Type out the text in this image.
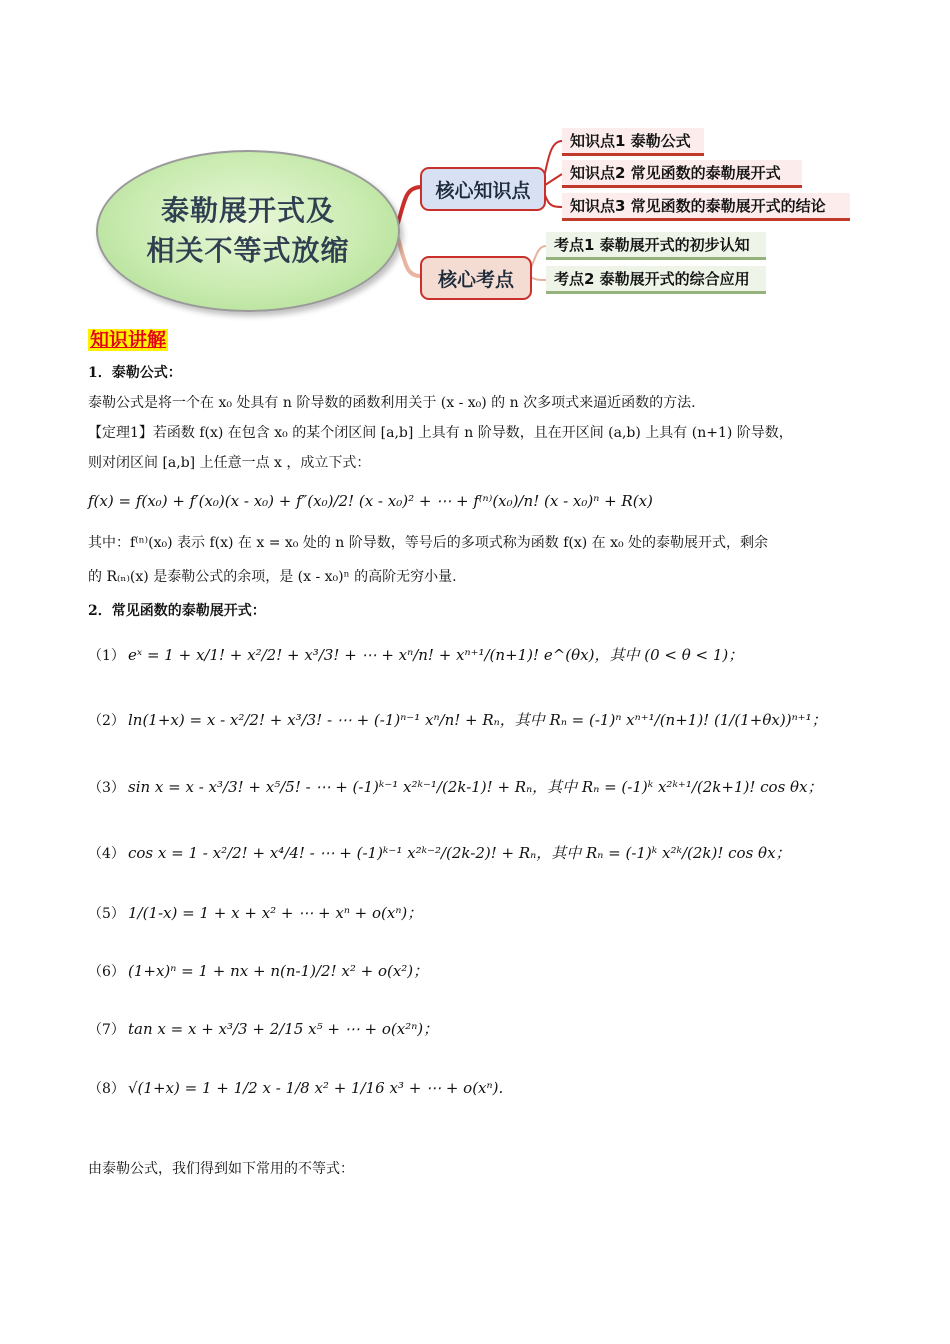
泰勒展开式及
相关不等式放缩
核心知识点
核心考点
知识点1 泰勒公式
知识点2 常见函数的泰勒展开式
知识点3 常见函数的泰勒展开式的结论
考点1 泰勒展开式的初步认知
考点2 泰勒展开式的综合应用
知识讲解
1．泰勒公式：
泰勒公式是将一个在 x₀ 处具有 n 阶导数的函数利用关于 (x - x₀) 的 n 次多项式来逼近函数的方法.
【定理1】若函数 f(x) 在包含 x₀ 的某个闭区间 [a,b] 上具有 n 阶导数，且在开区间 (a,b) 上具有 (n+1) 阶导数，
则对闭区间 [a,b] 上任意一点 x ，成立下式：
f(x) = f(x₀) + f′(x₀)(x - x₀) + f″(x₀)/2! (x - x₀)² + ⋯ + f⁽ⁿ⁾(x₀)/n! (x - x₀)ⁿ + R(x)
其中：f⁽ⁿ⁾(x₀) 表示 f(x) 在 x = x₀ 处的 n 阶导数，等号后的多项式称为函数 f(x) 在 x₀ 处的泰勒展开式，剩余
的 R₍ₙ₎(x) 是泰勒公式的余项，是 (x - x₀)ⁿ 的高阶无穷小量.
2．常见函数的泰勒展开式：
（1） eˣ = 1 + x/1! + x²/2! + x³/3! + ⋯ + xⁿ/n! + xⁿ⁺¹/(n+1)! e^(θx)，其中 (0 < θ < 1)；
（2） ln(1+x) = x - x²/2! + x³/3! - ⋯ + (-1)ⁿ⁻¹ xⁿ/n! + Rₙ，其中 Rₙ = (-1)ⁿ xⁿ⁺¹/(n+1)! (1/(1+θx))ⁿ⁺¹；
（3） sin x = x - x³/3! + x⁵/5! - ⋯ + (-1)ᵏ⁻¹ x²ᵏ⁻¹/(2k-1)! + Rₙ，其中 Rₙ = (-1)ᵏ x²ᵏ⁺¹/(2k+1)! cos θx；
（4） cos x = 1 - x²/2! + x⁴/4! - ⋯ + (-1)ᵏ⁻¹ x²ᵏ⁻²/(2k-2)! + Rₙ，其中 Rₙ = (-1)ᵏ x²ᵏ/(2k)! cos θx；
（5） 1/(1-x) = 1 + x + x² + ⋯ + xⁿ + o(xⁿ)；
（6） (1+x)ⁿ = 1 + nx + n(n-1)/2! x² + o(x²)；
（7） tan x = x + x³/3 + 2/15 x⁵ + ⋯ + o(x²ⁿ)；
（8） √(1+x) = 1 + 1/2 x - 1/8 x² + 1/16 x³ + ⋯ + o(xⁿ).
由泰勒公式，我们得到如下常用的不等式：
